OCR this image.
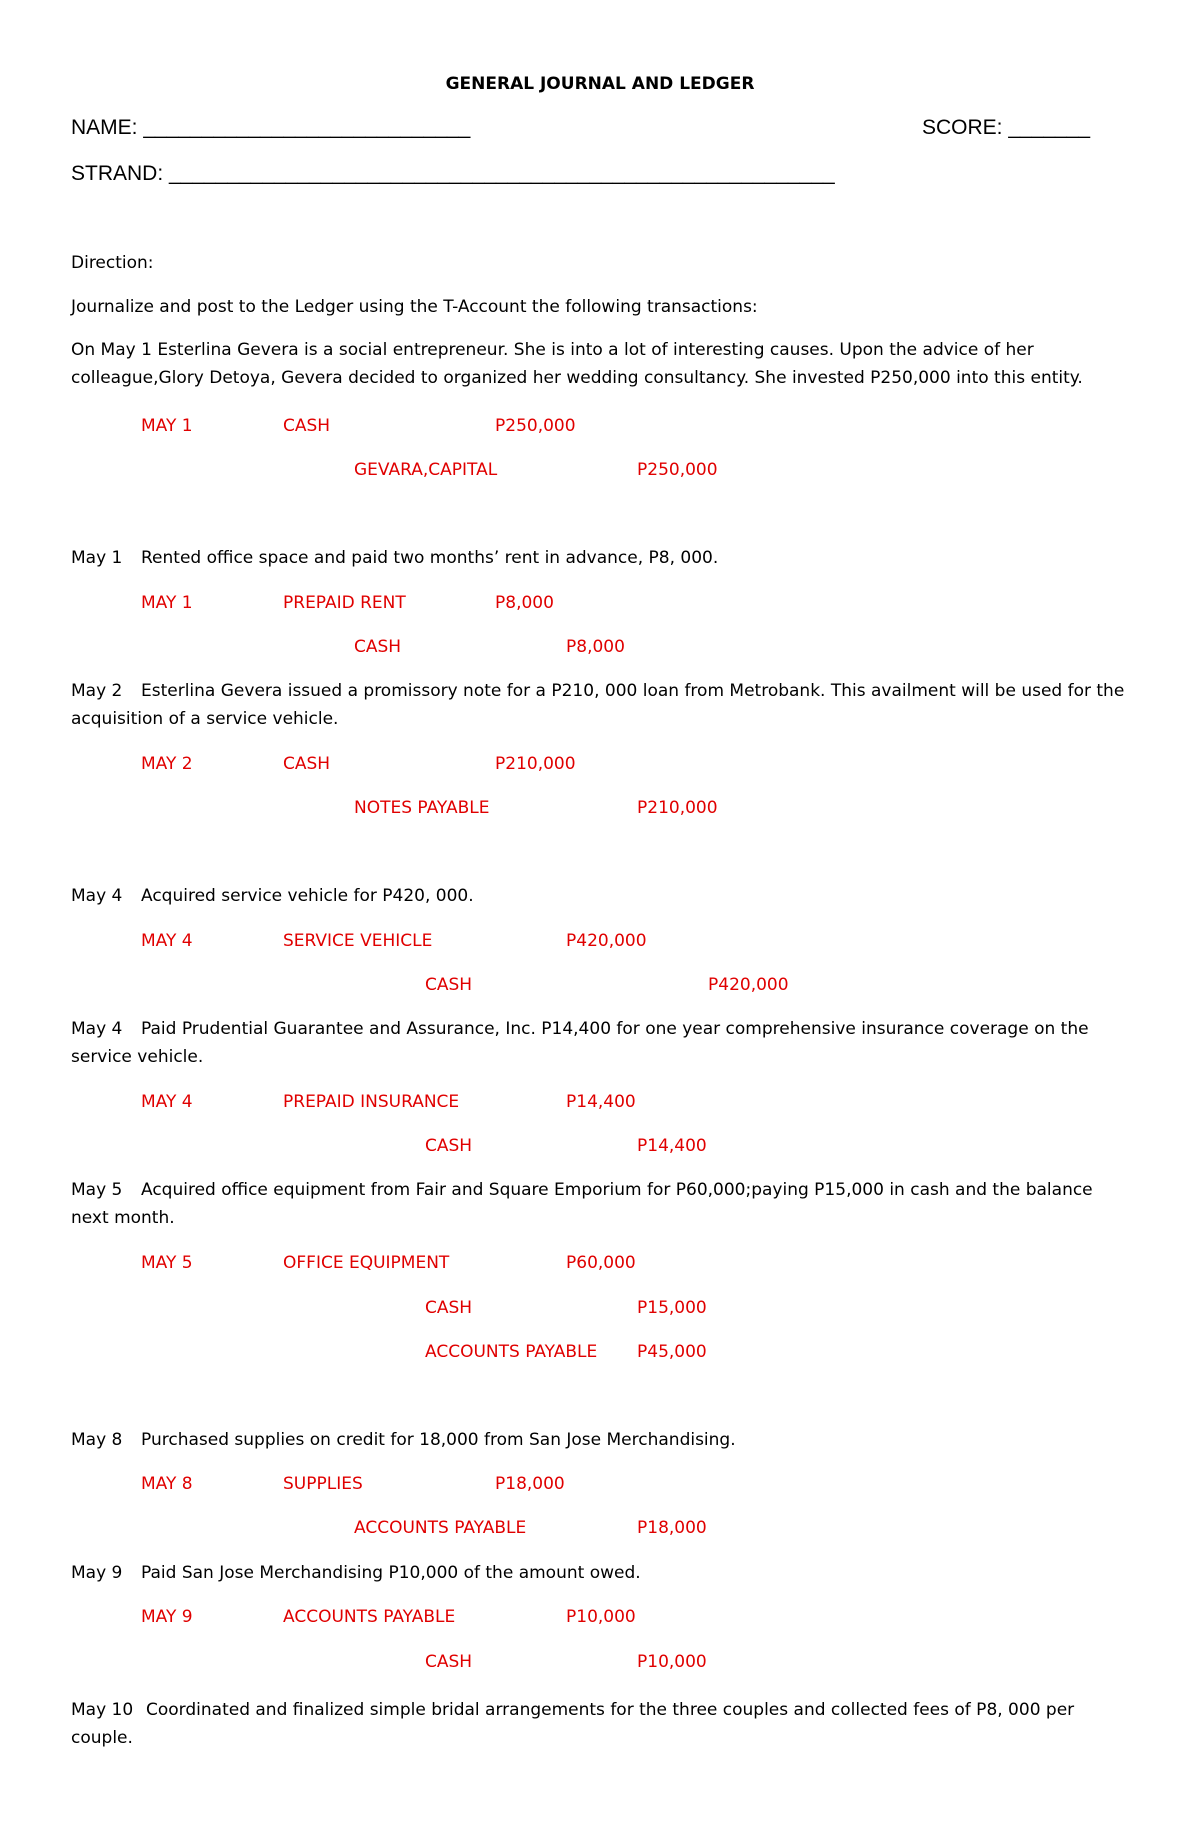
GENERAL JOURNAL AND LEDGER
NAME: ____________________________	SCORE: _______
STRAND: _________________________________________________________
Direction:
Journalize and post to the Ledger using the T-Account the following transactions:
On May 1 Esterlina Gevera is a social entrepreneur. She is into a lot of interesting causes. Upon the advice of her colleague,Glory Detoya, Gevera decided to organized her wedding consultancy. She invested P250,000 into this entity.
MAY 1	CASH	P250,000
GEVARA,CAPITAL	P250,000
May 1 Rented office space and paid two months’ rent in advance, P8, 000.
MAY 1	PREPAID RENT	P8,000
CASH	P8,000
May 2	Esterlina Gevera issued a promissory note for a P210, 000 loan from Metrobank. This availment will be used for the acquisition of a service vehicle.
MAY 2	CASH	P210,000
NOTES PAYABLE	P210,000
May 4 Acquired service vehicle for P420, 000.
MAY 4	SERVICE VEHICLE	P420,000
CASH	P420,000
May 4	Paid Prudential Guarantee and Assurance, Inc. P14,400 for one year comprehensive insurance coverage on the service vehicle.
MAY 4	PREPAID INSURANCE	P14,400
CASH	P14,400
May 5	Acquired office equipment from Fair and Square Emporium for P60,000;paying P15,000 in cash and the balance next month.
MAY 5	OFFICE EQUIPMENT	P60,000
CASH	P15,000
ACCOUNTS PAYABLE P45,000
May 8 Purchased supplies on credit for 18,000 from San Jose Merchandising.
MAY 8	SUPPLIES	P18,000
ACCOUNTS PAYABLE	P18,000
May 9 Paid San Jose Merchandising P10,000 of the amount owed.
MAY 9	ACCOUNTS PAYABLE	P10,000
CASH	P10,000
May 10 Coordinated and finalized simple bridal arrangements for the three couples and collected fees of P8, 000 per couple.
